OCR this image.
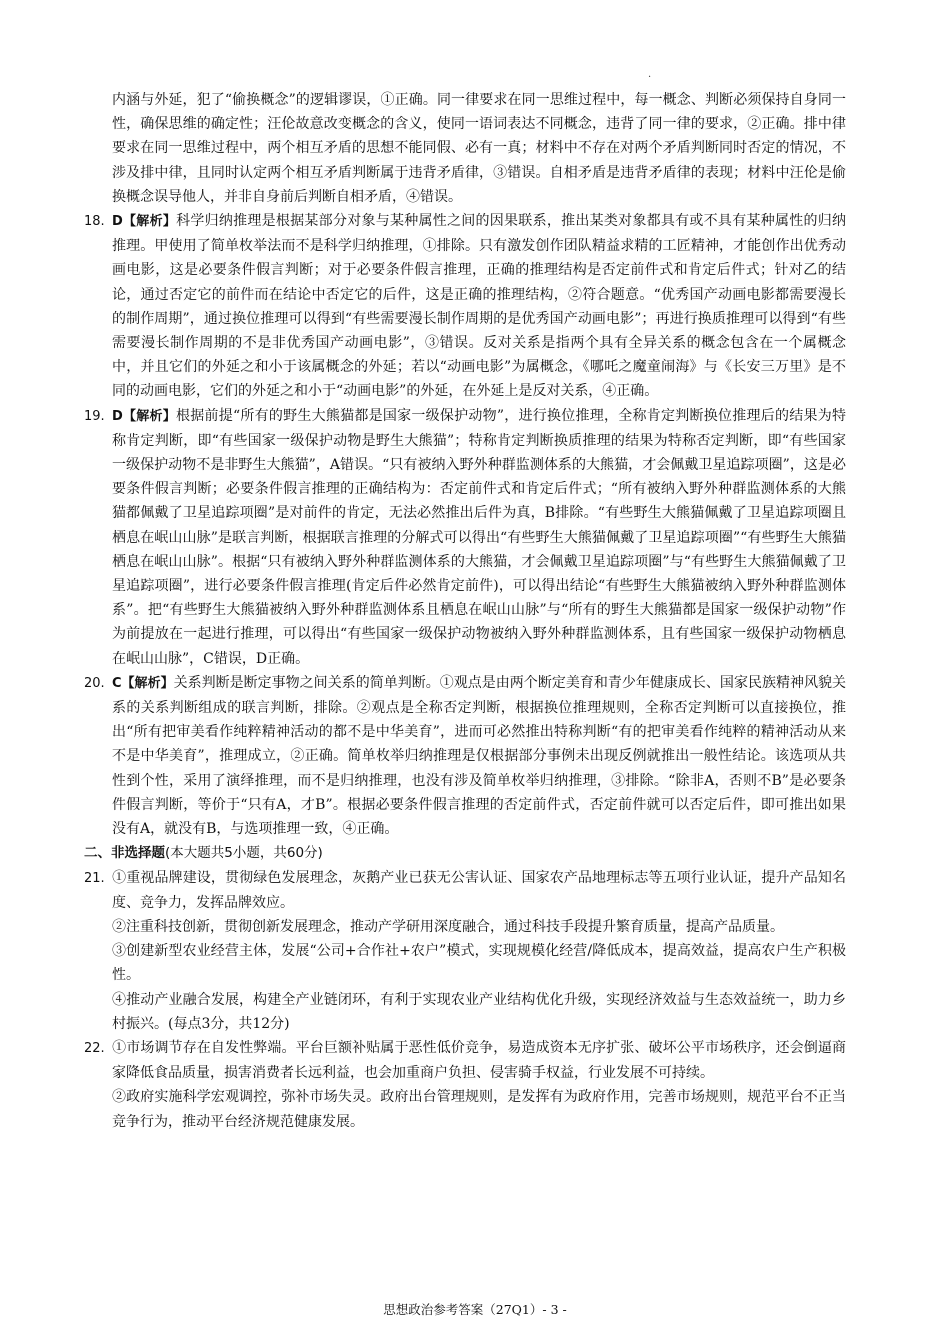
·

内涵与外延，犯了“偷换概念”的逻辑谬误，①正确。同一律要求在同一思维过程中，每一概念、判断必须保持自身同一性，确保思维的确定性；汪伦故意改变概念的含义，使同一语词表达不同概念，违背了同一律的要求，②正确。排中律要求在同一思维过程中，两个相互矛盾的思想不能同假、必有一真；材料中不存在对两个矛盾判断同时否定的情况，不涉及排中律，且同时认定两个相互矛盾判断属于违背矛盾律，③错误。自相矛盾是违背矛盾律的表现；材料中汪伦是偷换概念误导他人，并非自身前后判断自相矛盾，④错误。

18. D【解析】科学归纳推理是根据某部分对象与某种属性之间的因果联系，推出某类对象都具有或不具有某种属性的归纳推理。甲使用了简单枚举法而不是科学归纳推理，①排除。只有激发创作团队精益求精的工匠精神，才能创作出优秀动画电影，这是必要条件假言判断；对于必要条件假言推理，正确的推理结构是否定前件式和肯定后件式；针对乙的结论，通过否定它的前件而在结论中否定它的后件，这是正确的推理结构，②符合题意。“优秀国产动画电影都需要漫长的制作周期”，通过换位推理可以得到“有些需要漫长制作周期的是优秀国产动画电影”；再进行换质推理可以得到“有些需要漫长制作周期的不是非优秀国产动画电影”，③错误。反对关系是指两个具有全异关系的概念包含在一个属概念中，并且它们的外延之和小于该属概念的外延；若以“动画电影”为属概念，《哪吒之魔童闹海》与《长安三万里》是不同的动画电影，它们的外延之和小于“动画电影”的外延，在外延上是反对关系，④正确。

19. D【解析】根据前提“所有的野生大熊猫都是国家一级保护动物”，进行换位推理，全称肯定判断换位推理后的结果为特称肯定判断，即“有些国家一级保护动物是野生大熊猫”；特称肯定判断换质推理的结果为特称否定判断，即“有些国家一级保护动物不是非野生大熊猫”，A错误。“只有被纳入野外种群监测体系的大熊猫，才会佩戴卫星追踪项圈”，这是必要条件假言判断；必要条件假言推理的正确结构为：否定前件式和肯定后件式；“所有被纳入野外种群监测体系的大熊猫都佩戴了卫星追踪项圈”是对前件的肯定，无法必然推出后件为真，B排除。“有些野生大熊猫佩戴了卫星追踪项圈且栖息在岷山山脉”是联言判断，根据联言推理的分解式可以得出“有些野生大熊猫佩戴了卫星追踪项圈”“有些野生大熊猫栖息在岷山山脉”。根据“只有被纳入野外种群监测体系的大熊猫，才会佩戴卫星追踪项圈”与“有些野生大熊猫佩戴了卫星追踪项圈”，进行必要条件假言推理(肯定后件必然肯定前件)，可以得出结论“有些野生大熊猫被纳入野外种群监测体系”。把“有些野生大熊猫被纳入野外种群监测体系且栖息在岷山山脉”与“所有的野生大熊猫都是国家一级保护动物”作为前提放在一起进行推理，可以得出“有些国家一级保护动物被纳入野外种群监测体系，且有些国家一级保护动物栖息在岷山山脉”，C错误，D正确。

20. C【解析】关系判断是断定事物之间关系的简单判断。①观点是由两个断定美育和青少年健康成长、国家民族精神风貌关系的关系判断组成的联言判断，排除。②观点是全称否定判断，根据换位推理规则，全称否定判断可以直接换位，推出“所有把审美看作纯粹精神活动的都不是中华美育”，进而可必然推出特称判断“有的把审美看作纯粹的精神活动从来不是中华美育”，推理成立，②正确。简单枚举归纳推理是仅根据部分事例未出现反例就推出一般性结论。该选项从共性到个性，采用了演绎推理，而不是归纳推理，也没有涉及简单枚举归纳推理，③排除。“除非A，否则不B”是必要条件假言判断，等价于“只有A，才B”。根据必要条件假言推理的否定前件式，否定前件就可以否定后件，即可推出如果没有A，就没有B，与选项推理一致，④正确。

二、非选择题(本大题共5小题，共60分)

21. ①重视品牌建设，贯彻绿色发展理念，灰鹅产业已获无公害认证、国家农产品地理标志等五项行业认证，提升产品知名度、竞争力，发挥品牌效应。

②注重科技创新，贯彻创新发展理念，推动产学研用深度融合，通过科技手段提升繁育质量，提高产品质量。

③创建新型农业经营主体，发展“公司+合作社+农户”模式，实现规模化经营/降低成本，提高效益，提高农户生产积极性。

④推动产业融合发展，构建全产业链闭环，有利于实现农业产业结构优化升级，实现经济效益与生态效益统一，助力乡村振兴。(每点3分，共12分)

22. ①市场调节存在自发性弊端。平台巨额补贴属于恶性低价竞争，易造成资本无序扩张、破坏公平市场秩序，还会倒逼商家降低食品质量，损害消费者长远利益，也会加重商户负担、侵害骑手权益，行业发展不可持续。

②政府实施科学宏观调控，弥补市场失灵。政府出台管理规则，是发挥有为政府作用，完善市场规则，规范平台不正当竞争行为，推动平台经济规范健康发展。

思想政治参考答案（27Q1）- 3 -
